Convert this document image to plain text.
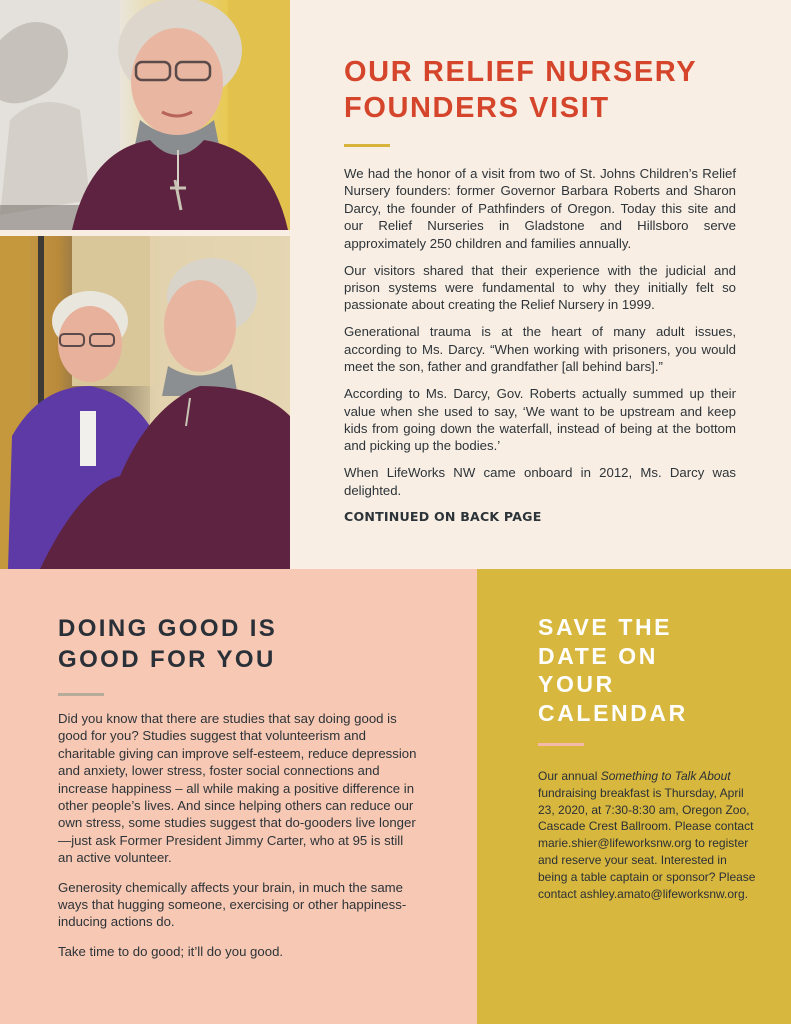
OUR RELIEF NURSERY
FOUNDERS VISIT

We had the honor of a visit from two of St. Johns Children’s Relief Nursery founders: former Governor Barbara Roberts and Sharon Darcy, the founder of Pathfinders of Oregon. Today this site and our Relief Nurseries in Gladstone and Hillsboro serve approximately 250 children and families annually.

Our visitors shared that their experience with the judicial and prison systems were fundamental to why they initially felt so passionate about creating the Relief Nursery in 1999.

Generational trauma is at the heart of many adult issues, according to Ms. Darcy. “When working with prisoners, you would meet the son, father and grandfather [all behind bars].”

According to Ms. Darcy, Gov. Roberts actually summed up their value when she used to say, ‘We want to be upstream and keep kids from going down the waterfall, instead of being at the bottom and picking up the bodies.’

When LifeWorks NW came onboard in 2012, Ms. Darcy was delighted.

CONTINUED ON BACK PAGE
DOING GOOD IS
GOOD FOR YOU

Did you know that there are studies that say doing good is good for you? Studies suggest that volunteerism and charitable giving can improve self-esteem, reduce depression and anxiety, lower stress, foster social connections and increase happiness – all while making a positive difference in other people’s lives. And since helping others can reduce our own stress, some studies suggest that do-gooders live longer—just ask Former President Jimmy Carter, who at 95 is still an active volunteer.

Generosity chemically affects your brain, in much the same ways that hugging someone, exercising or other happiness-inducing actions do.

Take time to do good; it’ll do you good.

SAVE THE
DATE ON
YOUR
CALENDAR

Our annual Something to Talk About fundraising breakfast is Thursday, April 23, 2020, at 7:30-8:30 am, Oregon Zoo, Cascade Crest Ballroom. Please contact marie.shier@lifeworksnw.org to register and reserve your seat. Interested in being a table captain or sponsor? Please contact ashley.amato@lifeworksnw.org.
